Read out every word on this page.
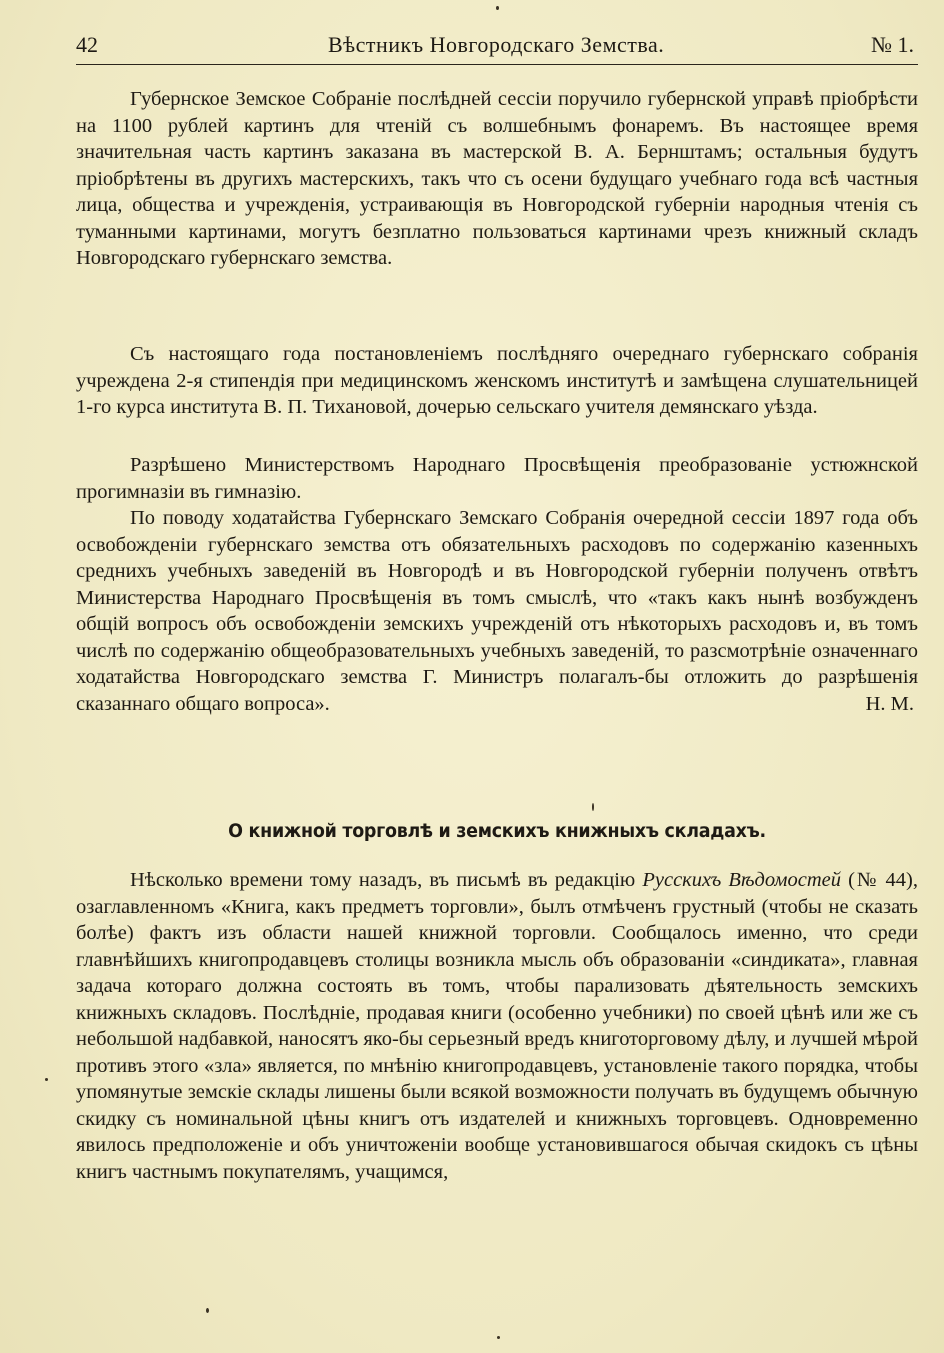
42	Вѣстникъ Новгородскаго Земства.	№ 1.

Губернское Земское Собраніе послѣдней сессіи поручило губернской управѣ пріобрѣсти на 1100 рублей картинъ для чтеній съ волшебнымъ фонаремъ. Въ настоящее время значительная часть картинъ заказана въ мастерской В. А. Бернштамъ; остальныя будутъ пріобрѣтены въ другихъ мастерскихъ, такъ что съ осени будущаго учебнаго года всѣ частныя лица, общества и учрежденія, устраивающія въ Новгородской губерніи народныя чтенія съ туманными картинами, могутъ безплатно пользоваться картинами чрезъ книжный складъ Новгородскаго губернскаго земства.

Съ настоящаго года постановленіемъ послѣдняго очереднаго губернскаго собранія учреждена 2-я стипендія при медицинскомъ женскомъ институтѣ и замѣщена слушательницей 1-го курса института В. П. Тихановой, дочерью сельскаго учителя демянскаго уѣзда.

Разрѣшено Министерствомъ Народнаго Просвѣщенія преобразованіе устюжнской прогимназіи въ гимназію.

По поводу ходатайства Губернскаго Земскаго Собранія очередной сессіи 1897 года объ освобожденіи губернскаго земства отъ обязательныхъ расходовъ по содержанію казенныхъ среднихъ учебныхъ заведеній въ Новгородѣ и въ Новгородской губерніи полученъ отвѣтъ Министерства Народнаго Просвѣщенія въ томъ смыслѣ, что «такъ какъ нынѣ возбужденъ общій вопросъ объ освобожденіи земскихъ учрежденій отъ нѣкоторыхъ расходовъ и, въ томъ числѣ по содержанію общеобразовательныхъ учебныхъ заведеній, то разсмотрѣніе означеннаго ходатайства Новгородскаго земства Г. Министръ полагалъ-бы отложить до разрѣшенія сказаннаго общаго вопроса».	Н. М.
О книжной торговлѣ и земскихъ книжныхъ складахъ.

Нѣсколько времени тому назадъ, въ письмѣ въ редакцію Русскихъ Вѣдомостей (№ 44), озаглавленномъ «Книга, какъ предметъ торговли», былъ отмѣченъ грустный (чтобы не сказать болѣе) фактъ изъ области нашей книжной торговли. Сообщалось именно, что среди главнѣйшихъ книгопродавцевъ столицы возникла мысль объ образованіи «синдиката», главная задача котораго должна состоять въ томъ, чтобы парализовать дѣятельность земскихъ книжныхъ складовъ. Послѣдніе, продавая книги (особенно учебники) по своей цѣнѣ или же съ небольшой надбавкой, наносятъ яко-бы серьезный вредъ книготорговому дѣлу, и лучшей мѣрой противъ этого «зла» является, по мнѣнію книгопродавцевъ, установленіе такого порядка, чтобы упомянутые земскіе склады лишены были всякой возможности получать въ будущемъ обычную скидку съ номинальной цѣны книгъ отъ издателей и книжныхъ торговцевъ. Одновременно явилось предположеніе и объ уничтоженіи вообще установившагося обычая скидокъ съ цѣны книгъ частнымъ покупателямъ, учащимся,
